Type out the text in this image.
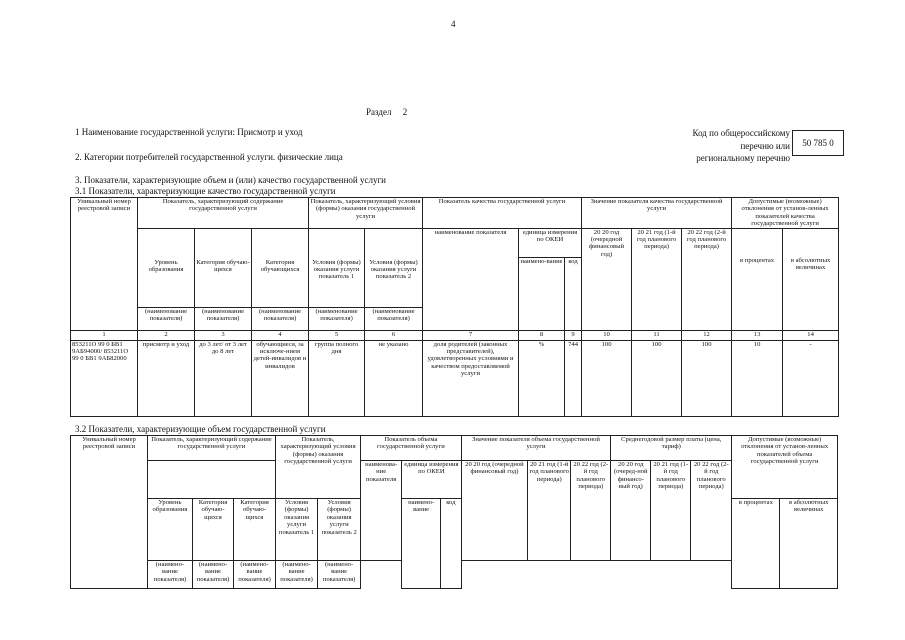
4
Раздел     2
1 Наименование государственной услуги: Присмотр и уход
2. Категории потребителей государственной услуги. физические лица
Код по общероссийскому
перечню или
региональному перечню
50 785 0
3. Показатели, характеризующие объем и (или) качество государственной услуги
3.1 Показатели, характеризующие качество государственной услуги
Уникальный номер реестровой записи	Показатель, характеризующий содержание государственной услуги			Показатель, характеризующий условия (формы) оказания государственной услуги		Показатель качества государственной услуги			Значение показателя качества государственной услуги			Допустимые (возможные) отклонения от установ-ленных показателей качества государственной услуги	
	Уровень образования	Категория обучаю-щихся	Категория обучающихся	Условия (формы) оказания услуги показатель 1	Условия (формы) оказания услуги показатель 2	наименование показателя	единица измерения по ОКЕИ		20 20 год (очередной финансовый год)	20 21 год (1-й год планового периода)	20 22 год (2-й год планового периода)	в процентах	в абсолютных величинах
							наимено-вание	код					
	(наименование показателя)	(наименование показателя)	(наименование показателя)	(наименование показателя)	(наименование показателя)								
1	2	3	4	5	6	7	8	9	10	11	12	13	14
853211О 99 0 БВ1 9АБ94000/ 853211О 99 0 БВ1 9АБ82000	присмотр и уход	до 3 лет/ от 3 лет до 8 лет	обучающиеся, за исключе-нием детей-инвалидов и инвалидов	группа полного дня	не указано	доля родителей (законных представителей), удовлетворенных условиями и качеством предоставляемой услуги	%	744	100	100	100	10	-
3.2 Показатели, характеризующие объем государственной услуги
Уникальный номер реестровой записи	Показатель, характеризующий содержание государственной услуги			Показатель, характеризующий условия (формы) оказания государственной услуги		Показатель объема государственной услуги			Значение показателя объема государственной услуги			Среднегодовой размер платы (цена, тариф)			Допустимые (возможные) отклонения от установ-ленных показателей объема государственной услуги	
						наименова-ние показателя	единица измерения по ОКЕИ		20 20 год (очередной финансовый год)	20 21 год (1-й год планового периода)	20 22 год (2-й год планового периода)	20 20 год (очеред-ной финансо-вый год)	20 21 год (1-й год планового периода)	20 22 год (2-й год планового периода)		
	Уровень образования	Категория обучаю-щихся	Категория обучаю-щихся	Условия (формы) оказания услуги показатель 1	Условия (формы) оказания услуги показатель 2		наимено-вание	код							в процентах	в абсолютных величинах
	(наимено-вание показателя)	(наимено-вание показателя)	(наимено-вание показателя)	(наимено-вание показателя)	(наимено-вание показателя)											
